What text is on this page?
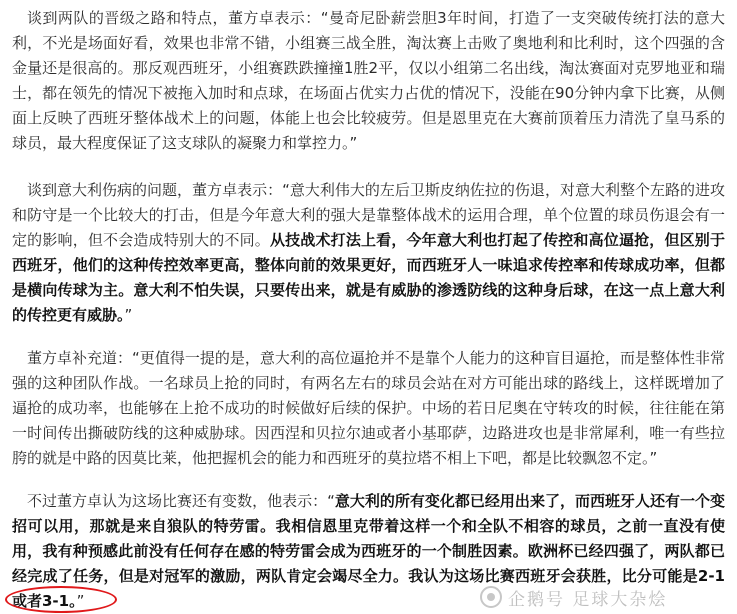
谈到两队的晋级之路和特点，董方卓表示：“曼奇尼卧薪尝胆3年时间，打造了一支突破传统打法的意大利，不光是场面好看，效果也非常不错，小组赛三战全胜，淘汰赛上击败了奥地利和比利时，这个四强的含金量还是很高的。那反观西班牙，小组赛跌跌撞撞1胜2平，仅以小组第二名出线，淘汰赛面对克罗地亚和瑞士，都在领先的情况下被拖入加时和点球，在场面占优实力占优的情况下，没能在90分钟内拿下比赛，从侧面上反映了西班牙整体战术上的问题，体能上也会比较疲劳。但是恩里克在大赛前顶着压力清洗了皇马系的球员，最大程度保证了这支球队的凝聚力和掌控力。”

谈到意大利伤病的问题，董方卓表示：“意大利伟大的左后卫斯皮纳佐拉的伤退，对意大利整个左路的进攻和防守是一个比较大的打击，但是今年意大利的强大是靠整体战术的运用合理，单个位置的球员伤退会有一定的影响，但不会造成特别大的不同。从技战术打法上看，今年意大利也打起了传控和高位逼抢，但区别于西班牙，他们的这种传控效率更高，整体向前的效果更好，而西班牙人一味追求传控率和传球成功率，但都是横向传球为主。意大利不怕失误，只要传出来，就是有威胁的渗透防线的这种身后球，在这一点上意大利的传控更有威胁。”

董方卓补充道：“更值得一提的是，意大利的高位逼抢并不是靠个人能力的这种盲目逼抢，而是整体性非常强的这种团队作战。一名球员上抢的同时，有两名左右的球员会站在对方可能出球的路线上，这样既增加了逼抢的成功率，也能够在上抢不成功的时候做好后续的保护。中场的若日尼奥在守转攻的时候，往往能在第一时间传出撕破防线的这种威胁球。因西涅和贝拉尔迪或者小基耶萨，边路进攻也是非常犀利，唯一有些拉胯的就是中路的因莫比莱，他把握机会的能力和西班牙的莫拉塔不相上下吧，都是比较飘忽不定。”

不过董方卓认为这场比赛还有变数，他表示：“意大利的所有变化都已经用出来了，而西班牙人还有一个变招可以用，那就是来自狼队的特劳雷。我相信恩里克带着这样一个和全队不相容的球员，之前一直没有使用，我有种预感此前没有任何存在感的特劳雷会成为西班牙的一个制胜因素。欧洲杯已经四强了，两队都已经完成了任务，但是对冠军的激励，两队肯定会竭尽全力。我认为这场比赛西班牙会获胜，比分可能是2-1或者3-1。”	企鹅号 足球大杂烩
